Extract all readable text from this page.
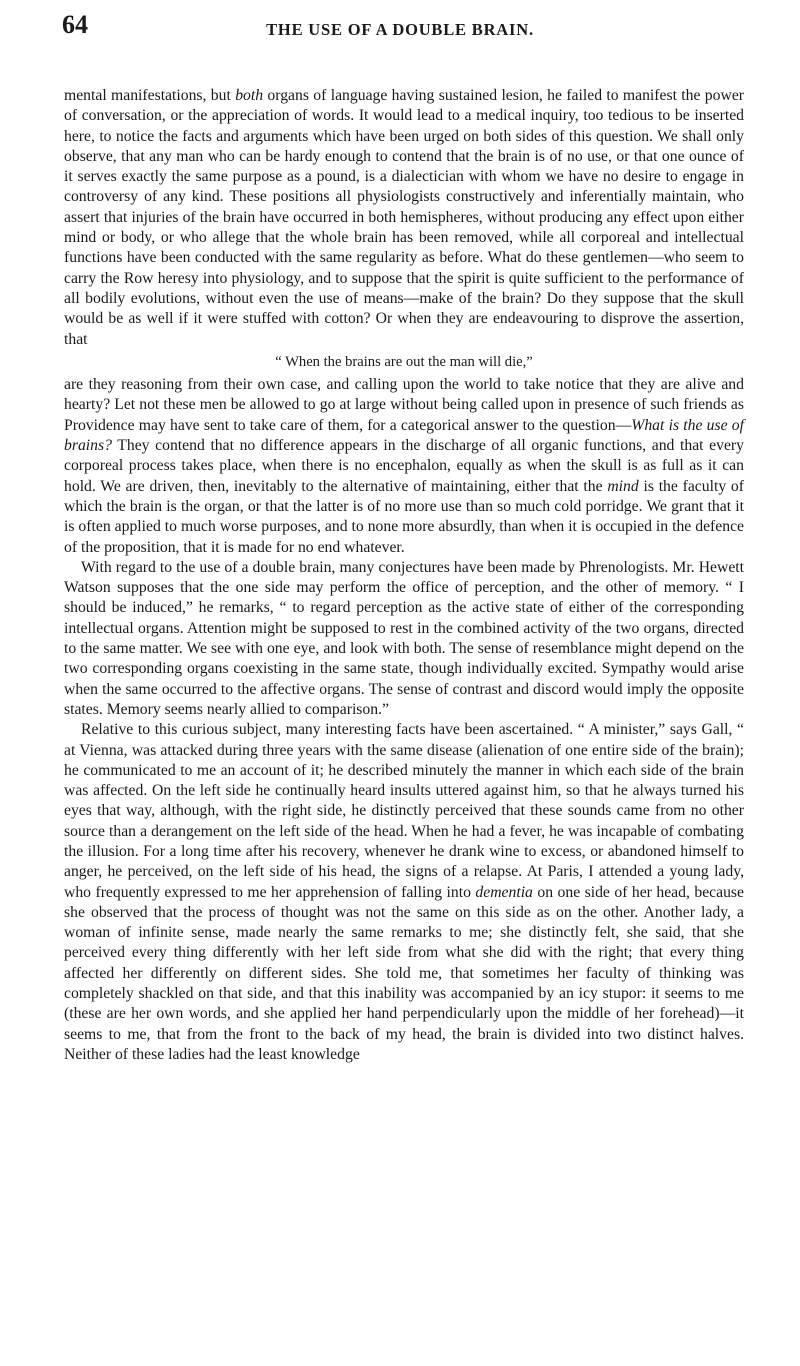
64	THE USE OF A DOUBLE BRAIN.

mental manifestations, but both organs of language having sustained lesion, he failed to manifest the power of conversation, or the appreciation of words. It would lead to a medical inquiry, too tedious to be inserted here, to notice the facts and arguments which have been urged on both sides of this question. We shall only observe, that any man who can be hardy enough to contend that the brain is of no use, or that one ounce of it serves exactly the same purpose as a pound, is a dialectician with whom we have no desire to engage in controversy of any kind. These positions all physiologists constructively and inferentially maintain, who assert that injuries of the brain have occurred in both hemispheres, without producing any effect upon either mind or body, or who allege that the whole brain has been removed, while all corporeal and intellectual functions have been conducted with the same regularity as before. What do these gentlemen—who seem to carry the Row heresy into physiology, and to suppose that the spirit is quite sufficient to the performance of all bodily evolutions, without even the use of means—make of the brain? Do they suppose that the skull would be as well if it were stuffed with cotton? Or when they are endeavouring to disprove the assertion, that

“ When the brains are out the man will die,”

are they reasoning from their own case, and calling upon the world to take notice that they are alive and hearty? Let not these men be allowed to go at large without being called upon in presence of such friends as Providence may have sent to take care of them, for a categorical answer to the question—What is the use of brains? They contend that no difference appears in the discharge of all organic functions, and that every corporeal process takes place, when there is no encephalon, equally as when the skull is as full as it can hold. We are driven, then, inevitably to the alternative of maintaining, either that the mind is the faculty of which the brain is the organ, or that the latter is of no more use than so much cold porridge. We grant that it is often applied to much worse purposes, and to none more absurdly, than when it is occupied in the defence of the proposition, that it is made for no end whatever.

With regard to the use of a double brain, many conjectures have been made by Phrenologists. Mr. Hewett Watson supposes that the one side may perform the office of perception, and the other of memory. “ I should be induced,” he remarks, “ to regard perception as the active state of either of the corresponding intellectual organs. Attention might be supposed to rest in the combined activity of the two organs, directed to the same matter. We see with one eye, and look with both. The sense of resemblance might depend on the two corresponding organs coexisting in the same state, though individually excited. Sympathy would arise when the same occurred to the affective organs. The sense of contrast and discord would imply the opposite states. Memory seems nearly allied to comparison.”

Relative to this curious subject, many interesting facts have been ascertained. “ A minister,” says Gall, “ at Vienna, was attacked during three years with the same disease (alienation of one entire side of the brain); he communicated to me an account of it; he described minutely the manner in which each side of the brain was affected. On the left side he continually heard insults uttered against him, so that he always turned his eyes that way, although, with the right side, he distinctly perceived that these sounds came from no other source than a derangement on the left side of the head. When he had a fever, he was incapable of combating the illusion. For a long time after his recovery, whenever he drank wine to excess, or abandoned himself to anger, he perceived, on the left side of his head, the signs of a relapse. At Paris, I attended a young lady, who frequently expressed to me her apprehension of falling into dementia on one side of her head, because she observed that the process of thought was not the same on this side as on the other. Another lady, a woman of infinite sense, made nearly the same remarks to me; she distinctly felt, she said, that she perceived every thing differently with her left side from what she did with the right; that every thing affected her differently on different sides. She told me, that sometimes her faculty of thinking was completely shackled on that side, and that this inability was accompanied by an icy stupor: it seems to me (these are her own words, and she applied her hand perpendicularly upon the middle of her forehead)—it seems to me, that from the front to the back of my head, the brain is divided into two distinct halves. Neither of these ladies had the least knowledge
